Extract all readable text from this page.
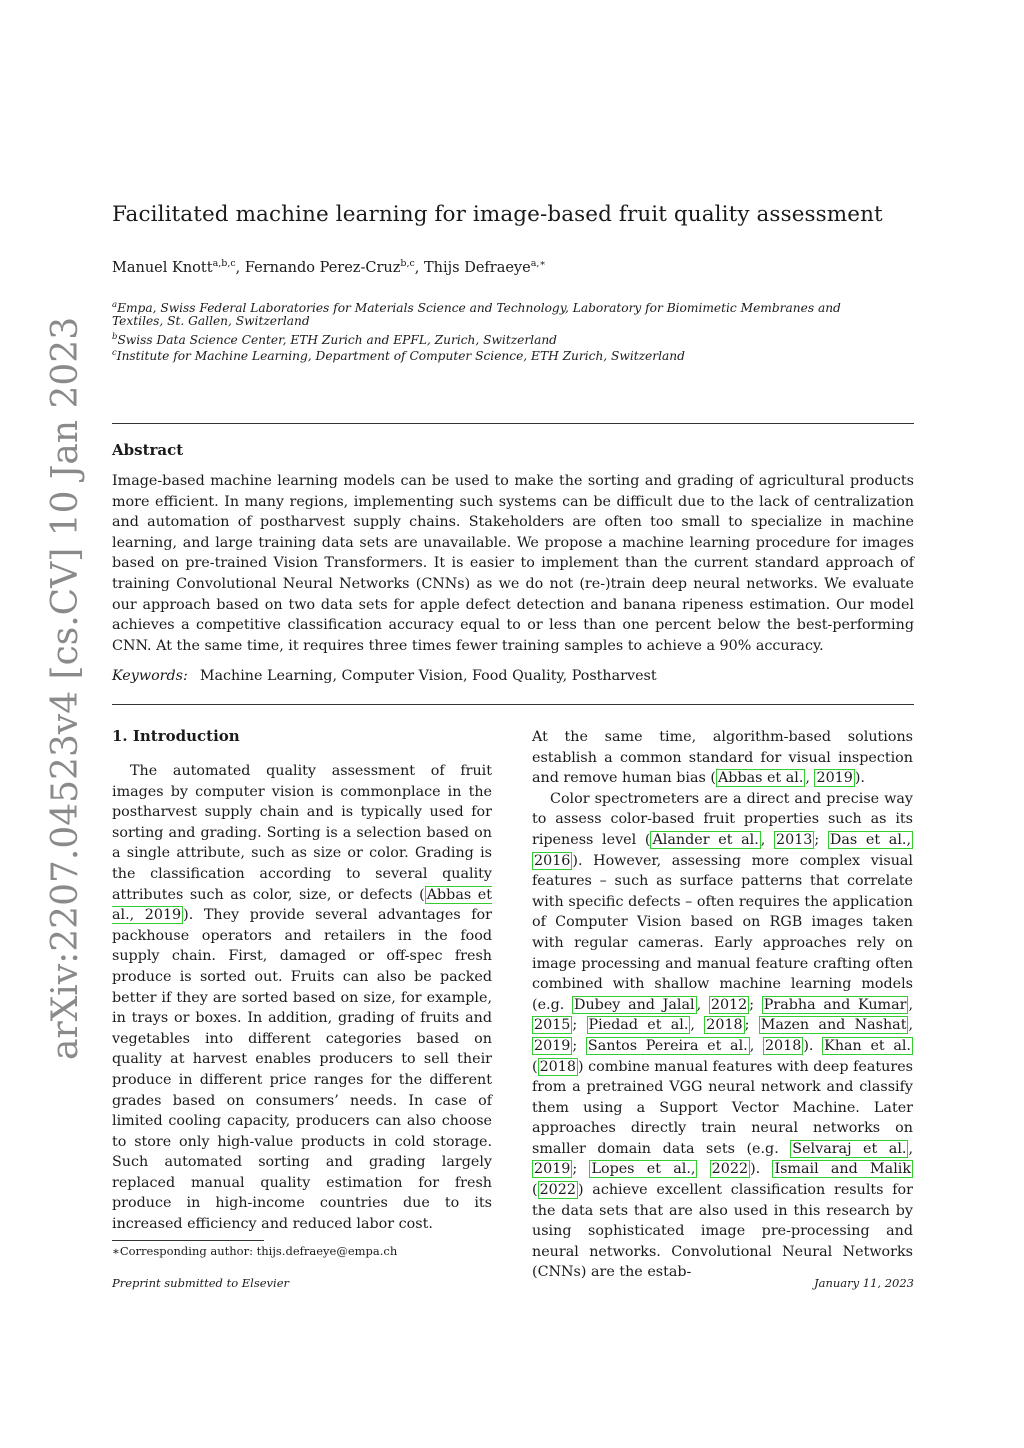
arXiv:2207.04523v4 [cs.CV] 10 Jan 2023
Facilitated machine learning for image-based fruit quality assessment
Manuel Knott$^{a,b,c}$, Fernando Perez-Cruz$^{b,c}$, Thijs Defraeye$^{a,∗}$
$^a$Empa, Swiss Federal Laboratories for Materials Science and Technology, Laboratory for Biomimetic Membranes and
Textiles, St. Gallen, Switzerland
$^b$Swiss Data Science Center, ETH Zurich and EPFL, Zurich, Switzerland
$^c$Institute for Machine Learning, Department of Computer Science, ETH Zurich, Switzerland
Abstract
Image-based machine learning models can be used to make the sorting and grading of agricultural products more efficient. In many regions, implementing such systems can be difficult due to the lack of centralization and automation of postharvest supply chains. Stakeholders are often too small to specialize in machine learning, and large training data sets are unavailable. We propose a machine learning procedure for images based on pre-trained Vision Transformers. It is easier to implement than the current standard approach of training Convolutional Neural Networks (CNNs) as we do not (re-)train deep neural networks. We evaluate our approach based on two data sets for apple defect detection and banana ripeness estimation. Our model achieves a competitive classification accuracy equal to or less than one percent below the best-performing CNN. At the same time, it requires three times fewer training samples to achieve a 90% accuracy.
Keywords: Machine Learning, Computer Vision, Food Quality, Postharvest
1. Introduction
The automated quality assessment of fruit images by computer vision is commonplace in the postharvest supply chain and is typically used for sorting and grading. Sorting is a selection based on a single attribute, such as size or color. Grading is the classification according to several quality attributes such as color, size, or defects ( Abbas et al., 2019 ). They provide several advantages for packhouse operators and retailers in the food supply chain. First, damaged or off-spec fresh produce is sorted out. Fruits can also be packed better if they are sorted based on size, for example, in trays or boxes. In addition, grading of fruits and vegetables into different categories based on quality at harvest enables producers to sell their produce in different price ranges for the different grades based on consumers’ needs. In case of limited cooling capacity, producers can also choose to store only high-value products in cold storage. Such automated sorting and grading largely replaced manual quality estimation for fresh produce in high-income countries due to its increased efficiency and reduced labor cost.
At the same time, algorithm-based solutions establish a common standard for visual inspection and remove human bias ( Abbas et al. , 2019 ).
Color spectrometers are a direct and precise way to assess color-based fruit properties such as its ripeness level ( Alander et al. , 2013 ; Das et al., 2016 ). However, assessing more complex visual features – such as surface patterns that correlate with specific defects – often requires the application of Computer Vision based on RGB images taken with regular cameras. Early approaches rely on image processing and manual feature crafting often combined with shallow machine learning models (e.g. Dubey and Jalal , 2012 ; Prabha and Kumar , 2015 ; Piedad et al. , 2018 ; Mazen and Nashat , 2019 ; Santos Pereira et al. , 2018 ). Khan et al. ( 2018 ) combine manual features with deep features from a pretrained VGG neural network and classify them using a Support Vector Machine. Later approaches directly train neural networks on smaller domain data sets (e.g. Selvaraj et al. , 2019 ; Lopes et al., 2022 ). Ismail and Malik ( 2022 ) achieve excellent classification results for the data sets that are also used in this research by using sophisticated image pre-processing and neural networks. Convolutional Neural Networks (CNNs) are the estab-
∗Corresponding author: thijs.defraeye@empa.ch
Preprint submitted to Elsevier	January 11, 2023
